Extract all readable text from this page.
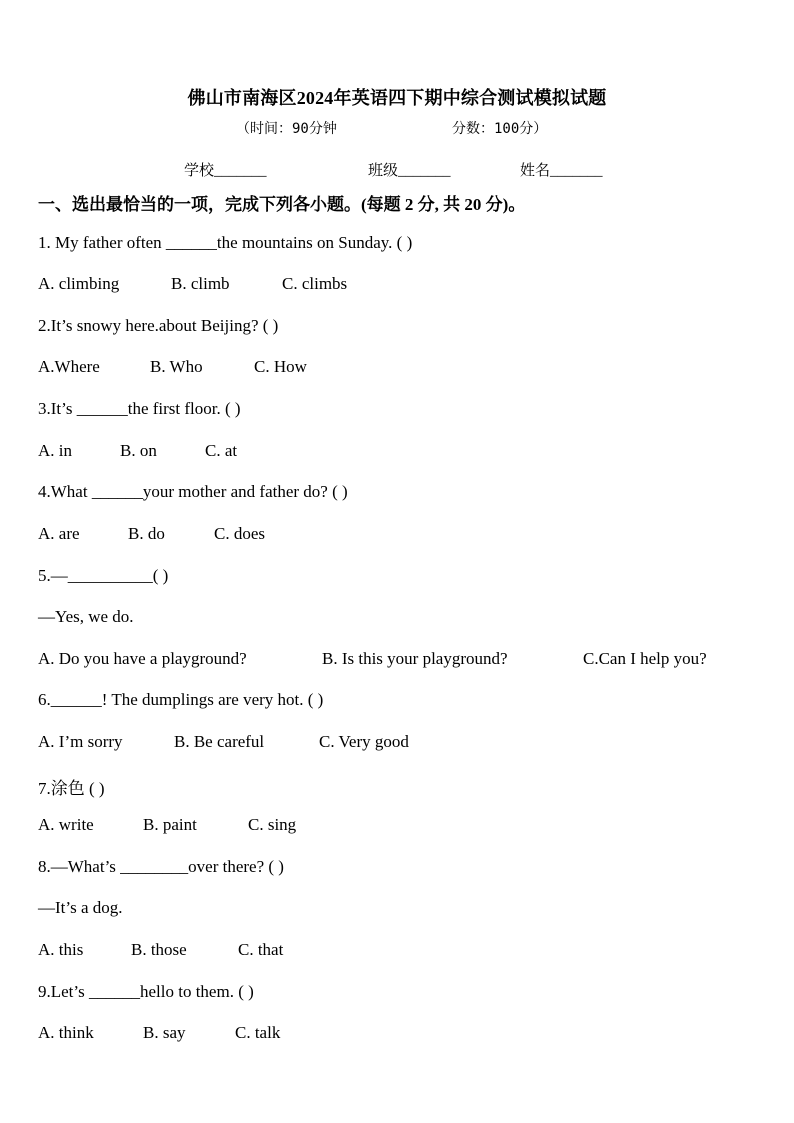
佛山市南海区2024年英语四下期中综合测试模拟试题
（时间：90分钟	分数：100分）
学校_______	班级_______	姓名_______
一、选出最恰当的一项，完成下列各小题。(每题 2 分, 共 20 分)。
1. My father often ______the mountains on Sunday. ( )
A. climbing	B. climb	C. climbs
2.It’s snowy here.about Beijing? ( )
A.Where	B. Who	C. How
3.It’s ______the first floor. ( )
A. in	B. on	C. at
4.What ______your mother and father do? ( )
A. are	B. do	C. does
5.—__________( )
—Yes, we do.
A. Do you have a playground?	B. Is this your playground?	C.Can I help you?
6.______! The dumplings are very hot. ( )
A. I’m sorry	B. Be careful	C. Very good
7.涂色 ( )
A. write	B. paint	C. sing
8.—What’s ________over there? ( )
—It’s a dog.
A. this	B. those	C. that
9.Let’s ______hello to them. ( )
A. think	B. say	C. talk
